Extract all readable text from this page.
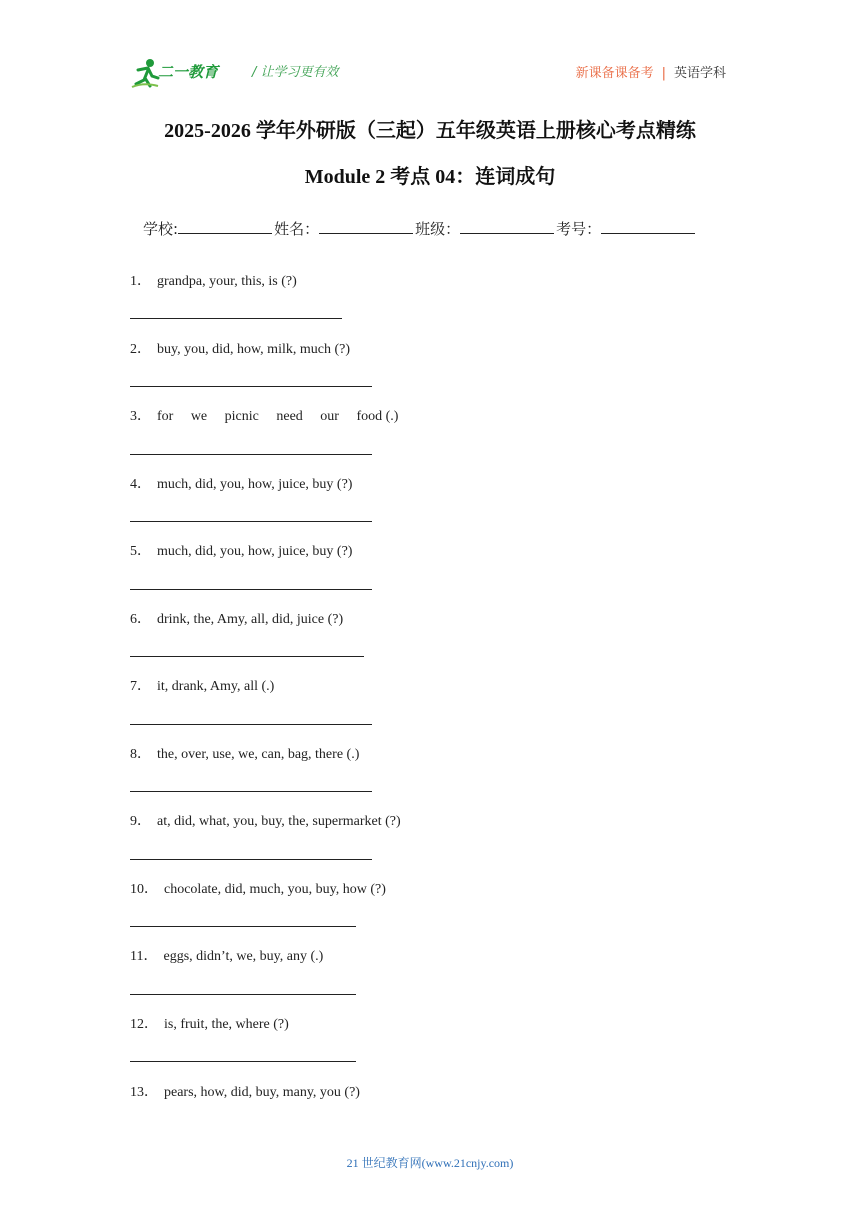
二一教育	/ 让学习更有效	新课备课备考 | 英语学科
2025-2026 学年外研版（三起）五年级英语上册核心考点精练
Module 2 考点 04：连词成句
学校:	姓名：	班级：	考号：
1． grandpa, your, this, is (?)
2． buy, you, did, how, milk, much (?)
3． for     we     picnic     need     our     food (.)
4． much, did, you, how, juice, buy (?)
5． much, did, you, how, juice, buy (?)
6． drink, the, Amy, all, did, juice (?)
7． it, drank, Amy, all (.)
8． the, over, use, we, can, bag, there (.)
9． at, did, what, you, buy, the, supermarket (?)
10． chocolate, did, much, you, buy, how (?)
11． eggs, didn’t, we, buy, any (.)
12． is, fruit, the, where (?)
13． pears, how, did, buy, many, you (?)
21 世纪教育网(www.21cnjy.com)
